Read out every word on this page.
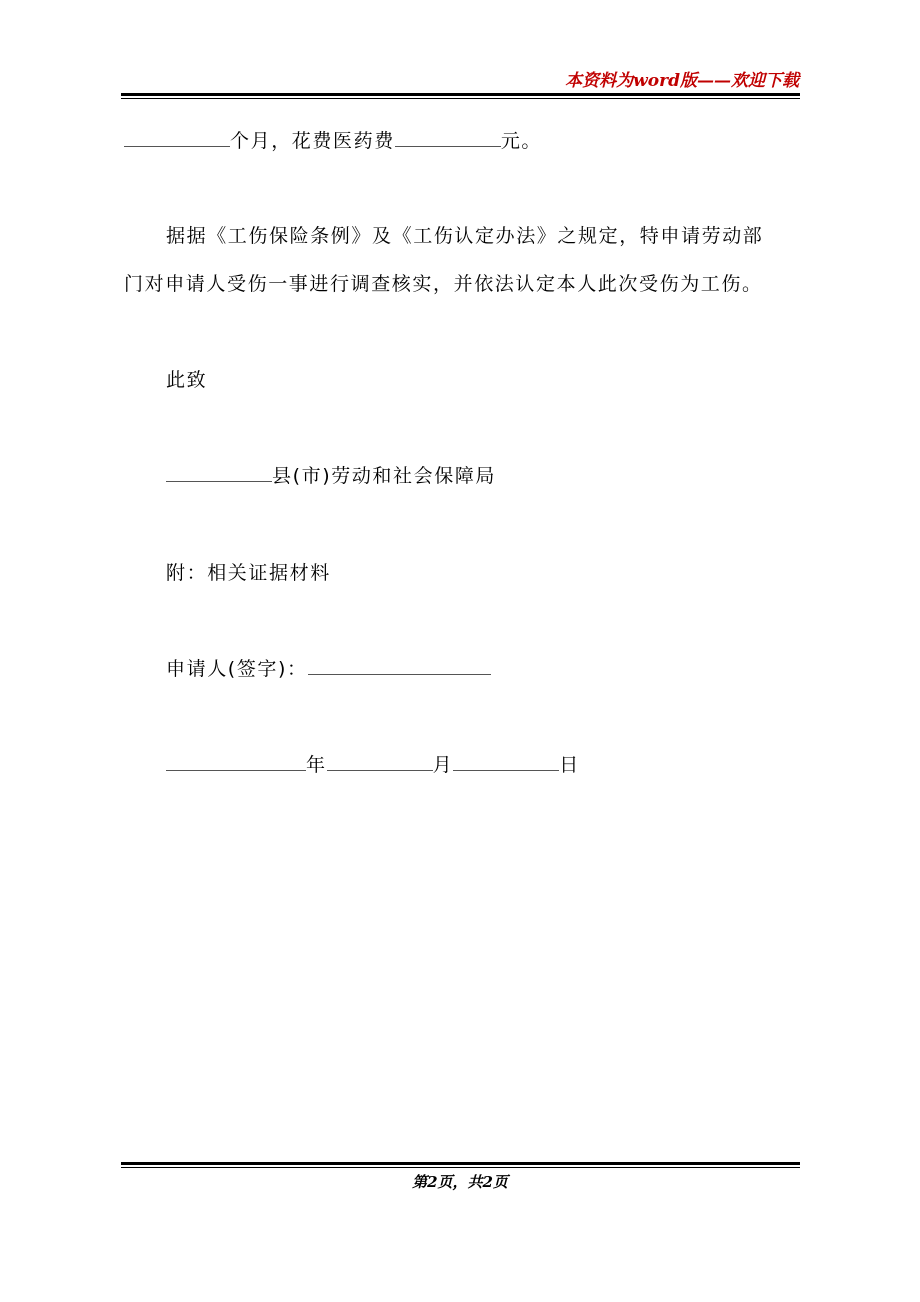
本资料为word版——欢迎下载
个月，花费医药费	元。
据据《工伤保险条例》及《工伤认定办法》之规定，特申请劳动部
门对申请人受伤一事进行调查核实，并依法认定本人此次受伤为工伤。
此致
县(市)劳动和社会保障局
附：相关证据材料
申请人(签字)：
年	月	日
第2页，共2页
